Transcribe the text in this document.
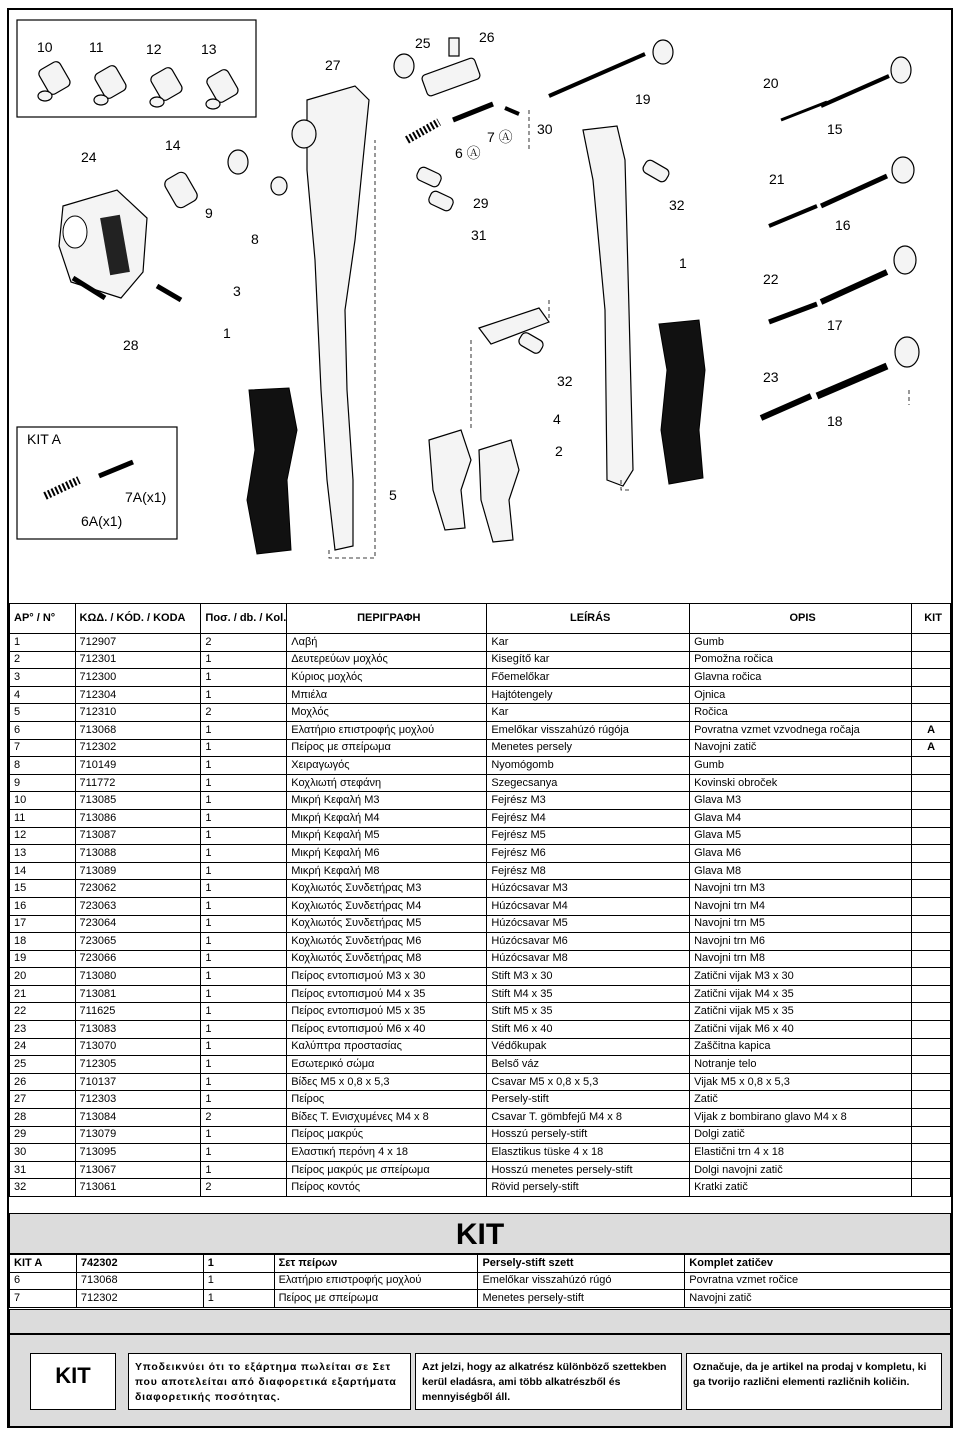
10	11	12	13
24
14
9
8
3
28
1
27
25	26
6 Ⓐ
7 Ⓐ
29
31
19
30
32
1
20
15
21
16
22
17
23
18
32
4
2
5
KIT A
7A(x1)
6A(x1)
ΑΡ° / N°	ΚΩΔ. / KÓD. / KODA	Ποσ. / db. / Kol.	ΠΕΡΙΓΡΑΦΗ	LEÍRÁS	OPIS	KIT
1	712907	2	Λαβή	Kar	Gumb	
2	712301	1	Δευτερεύων μοχλός	Kisegítő kar	Pomožna ročica	
3	712300	1	Κύριος μοχλός	Főemelőkar	Glavna ročica	
4	712304	1	Μπιέλα	Hajtótengely	Ojnica	
5	712310	2	Μοχλός	Kar	Ročica	
6	713068	1	Ελατήριο επιστροφής μοχλού	Emelőkar visszahúzó rúgója	Povratna vzmet vzvodnega ročaja	A
7	712302	1	Πείρος με σπείρωμα	Menetes persely	Navojni zatič	A
8	710149	1	Χειραγωγός	Nyomógomb	Gumb	
9	711772	1	Κοχλιωτή στεφάνη	Szegecsanya	Kovinski obroček	
10	713085	1	Μικρή Κεφαλή M3	Fejrész M3	Glava M3	
11	713086	1	Μικρή Κεφαλή M4	Fejrész M4	Glava M4	
12	713087	1	Μικρή Κεφαλή M5	Fejrész M5	Glava M5	
13	713088	1	Μικρή Κεφαλή M6	Fejrész M6	Glava M6	
14	713089	1	Μικρή Κεφαλή M8	Fejrész M8	Glava M8	
15	723062	1	Κοχλιωτός Συνδετήρας M3	Húzócsavar M3	Navojni trn M3	
16	723063	1	Κοχλιωτός Συνδετήρας M4	Húzócsavar M4	Navojni trn M4	
17	723064	1	Κοχλιωτός Συνδετήρας M5	Húzócsavar M5	Navojni trn M5	
18	723065	1	Κοχλιωτός Συνδετήρας M6	Húzócsavar M6	Navojni trn M6	
19	723066	1	Κοχλιωτός Συνδετήρας M8	Húzócsavar M8	Navojni trn M8	
20	713080	1	Πείρος εντοπισμού M3 x 30	Stift M3 x 30	Zatični vijak M3 x 30	
21	713081	1	Πείρος εντοπισμού M4 x 35	Stift M4 x 35	Zatični vijak M4 x 35	
22	711625	1	Πείρος εντοπισμού M5 x 35	Stift M5 x 35	Zatični vijak M5 x 35	
23	713083	1	Πείρος εντοπισμού M6 x 40	Stift M6 x 40	Zatični vijak M6 x 40	
24	713070	1	Καλύπτρα προστασίας	Védőkupak	Zaščitna kapica	
25	712305	1	Εσωτερικό σώμα	Belső váz	Notranje telo	
26	710137	1	Βίδες M5 x 0,8 x 5,3	Csavar M5 x 0,8 x 5,3	Vijak M5 x 0,8 x 5,3	
27	712303	1	Πείρος	Persely-stift	Zatič	
28	713084	2	Βίδες Τ. Ενισχυμένες M4 x 8	Csavar T. gömbfejű M4 x 8	Vijak z bombirano glavo M4 x 8	
29	713079	1	Πείρος μακρύς	Hosszú persely-stift	Dolgi zatič	
30	713095	1	Ελαστική περόνη 4 x 18	Elasztikus tüske 4 x 18	Elastični trn 4 x 18	
31	713067	1	Πείρος μακρύς με σπείρωμα	Hosszú menetes persely-stift	Dolgi navojni zatič	
32	713061	2	Πείρος κοντός	Rövid persely-stift	Kratki zatič	
KIT
KIT A	742302	1	Σετ πείρων	Persely-stift szett	Komplet zatičev
6	713068	1	Ελατήριο επιστροφής μοχλού	Emelőkar visszahúzó rúgó	Povratna vzmet ročice
7	712302	1	Πείρος με σπείρωμα	Menetes persely-stift	Navojni zatič
KIT	Υποδεικνύει ότι το εξάρτημα πωλείται σε Σετ που αποτελείται από διαφορετικά εξαρτήματα διαφορετικής ποσότητας.
Azt jelzi, hogy az alkatrész különböző szettekben kerül eladásra, ami több alkatrészből és mennyiségből áll.
Označuje, da je artikel na prodaj v kompletu, ki ga tvorijo različni elementi različnih količin.
